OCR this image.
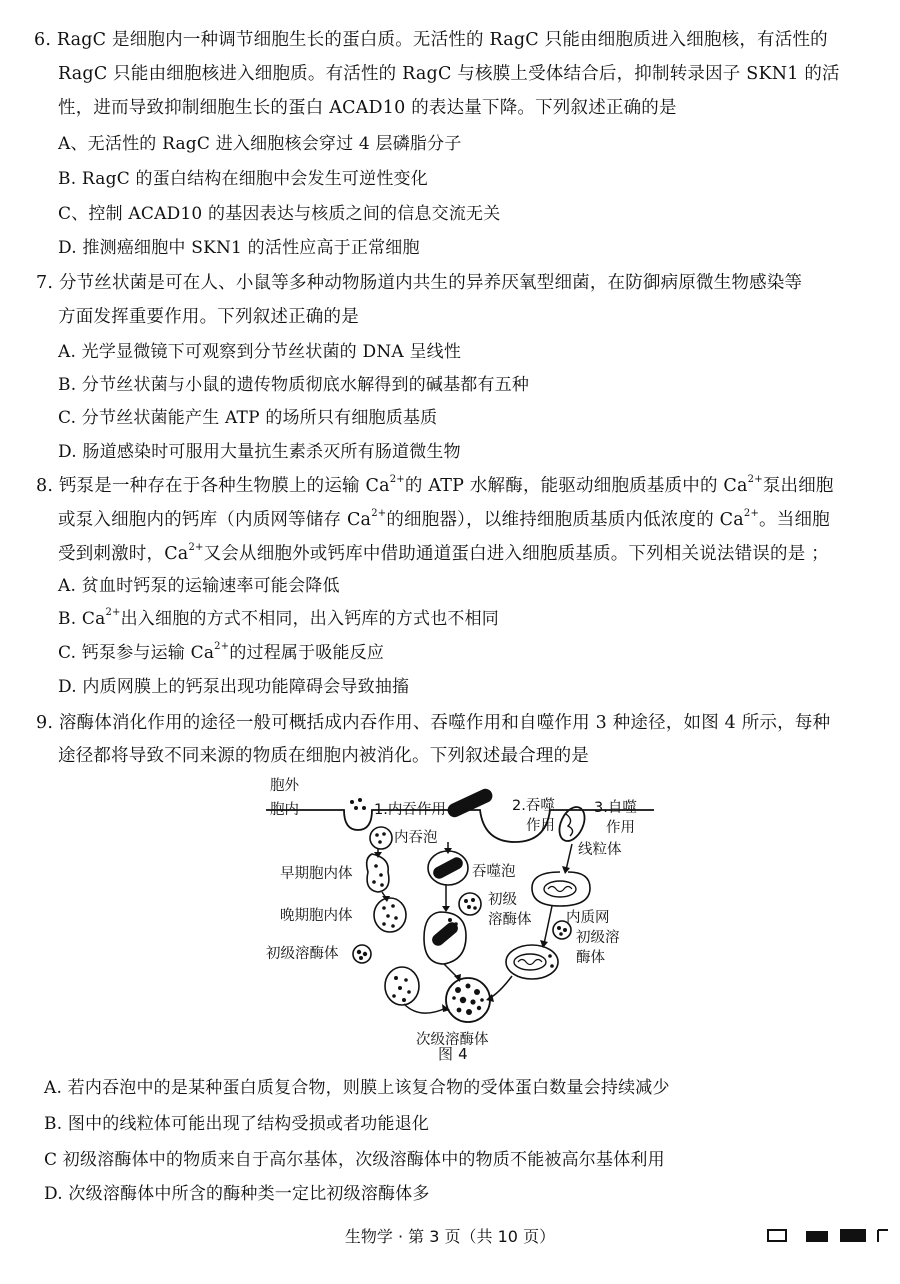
6. RagC 是细胞内一种调节细胞生长的蛋白质。无活性的 RagC 只能由细胞质进入细胞核，有活性的
RagC 只能由细胞核进入细胞质。有活性的 RagC 与核膜上受体结合后，抑制转录因子 SKN1 的活
性，进而导致抑制细胞生长的蛋白 ACAD10 的表达量下降。下列叙述正确的是
A、无活性的 RagC 进入细胞核会穿过 4 层磷脂分子
B. RagC 的蛋白结构在细胞中会发生可逆性变化
C、控制 ACAD10 的基因表达与核质之间的信息交流无关
D. 推测癌细胞中 SKN1 的活性应高于正常细胞
7. 分节丝状菌是可在人、小鼠等多种动物肠道内共生的异养厌氧型细菌，在防御病原微生物感染等
方面发挥重要作用。下列叙述正确的是
A. 光学显微镜下可观察到分节丝状菌的 DNA 呈线性
B. 分节丝状菌与小鼠的遗传物质彻底水解得到的碱基都有五种
C. 分节丝状菌能产生 ATP 的场所只有细胞质基质
D. 肠道感染时可服用大量抗生素杀灭所有肠道微生物
8. 钙泵是一种存在于各种生物膜上的运输 $Ca^{2+}$的 ATP 水解酶，能驱动细胞质基质中的 $Ca^{2+}$泵出细胞
或泵入细胞内的钙库（内质网等储存 $Ca^{2+}$的细胞器），以维持细胞质基质内低浓度的 $Ca^{2+}$。当细胞
受到刺激时，$Ca^{2+}$又会从细胞外或钙库中借助通道蛋白进入细胞质基质。下列相关说法错误的是 ；
A. 贫血时钙泵的运输速率可能会降低
B. $Ca^{2+}$出入细胞的方式不相同，出入钙库的方式也不相同
C. 钙泵参与运输 $Ca^{2+}$的过程属于吸能反应
D. 内质网膜上的钙泵出现功能障碍会导致抽搐
9. 溶酶体消化作用的途径一般可概括成内吞作用、吞噬作用和自噬作用 3 种途径，如图 4 所示，每种
途径都将导致不同来源的物质在细胞内被消化。下列叙述最合理的是
胞外
胞内	1.内吞作用	2.吞噬
作用
3.自噬
作用
内吞泡
线粒体
早期胞内体
晚期胞内体
初级溶酶体
吞噬泡
初级
溶酶体 内质网
初级溶
酶体
次级溶酶体
图 4
A. 若内吞泡中的是某种蛋白质复合物，则膜上该复合物的受体蛋白数量会持续减少
B. 图中的线粒体可能出现了结构受损或者功能退化
C 初级溶酶体中的物质来自于高尔基体，次级溶酶体中的物质不能被高尔基体利用
D. 次级溶酶体中所含的酶种类一定比初级溶酶体多
生物学 · 第 3 页（共 10 页）
